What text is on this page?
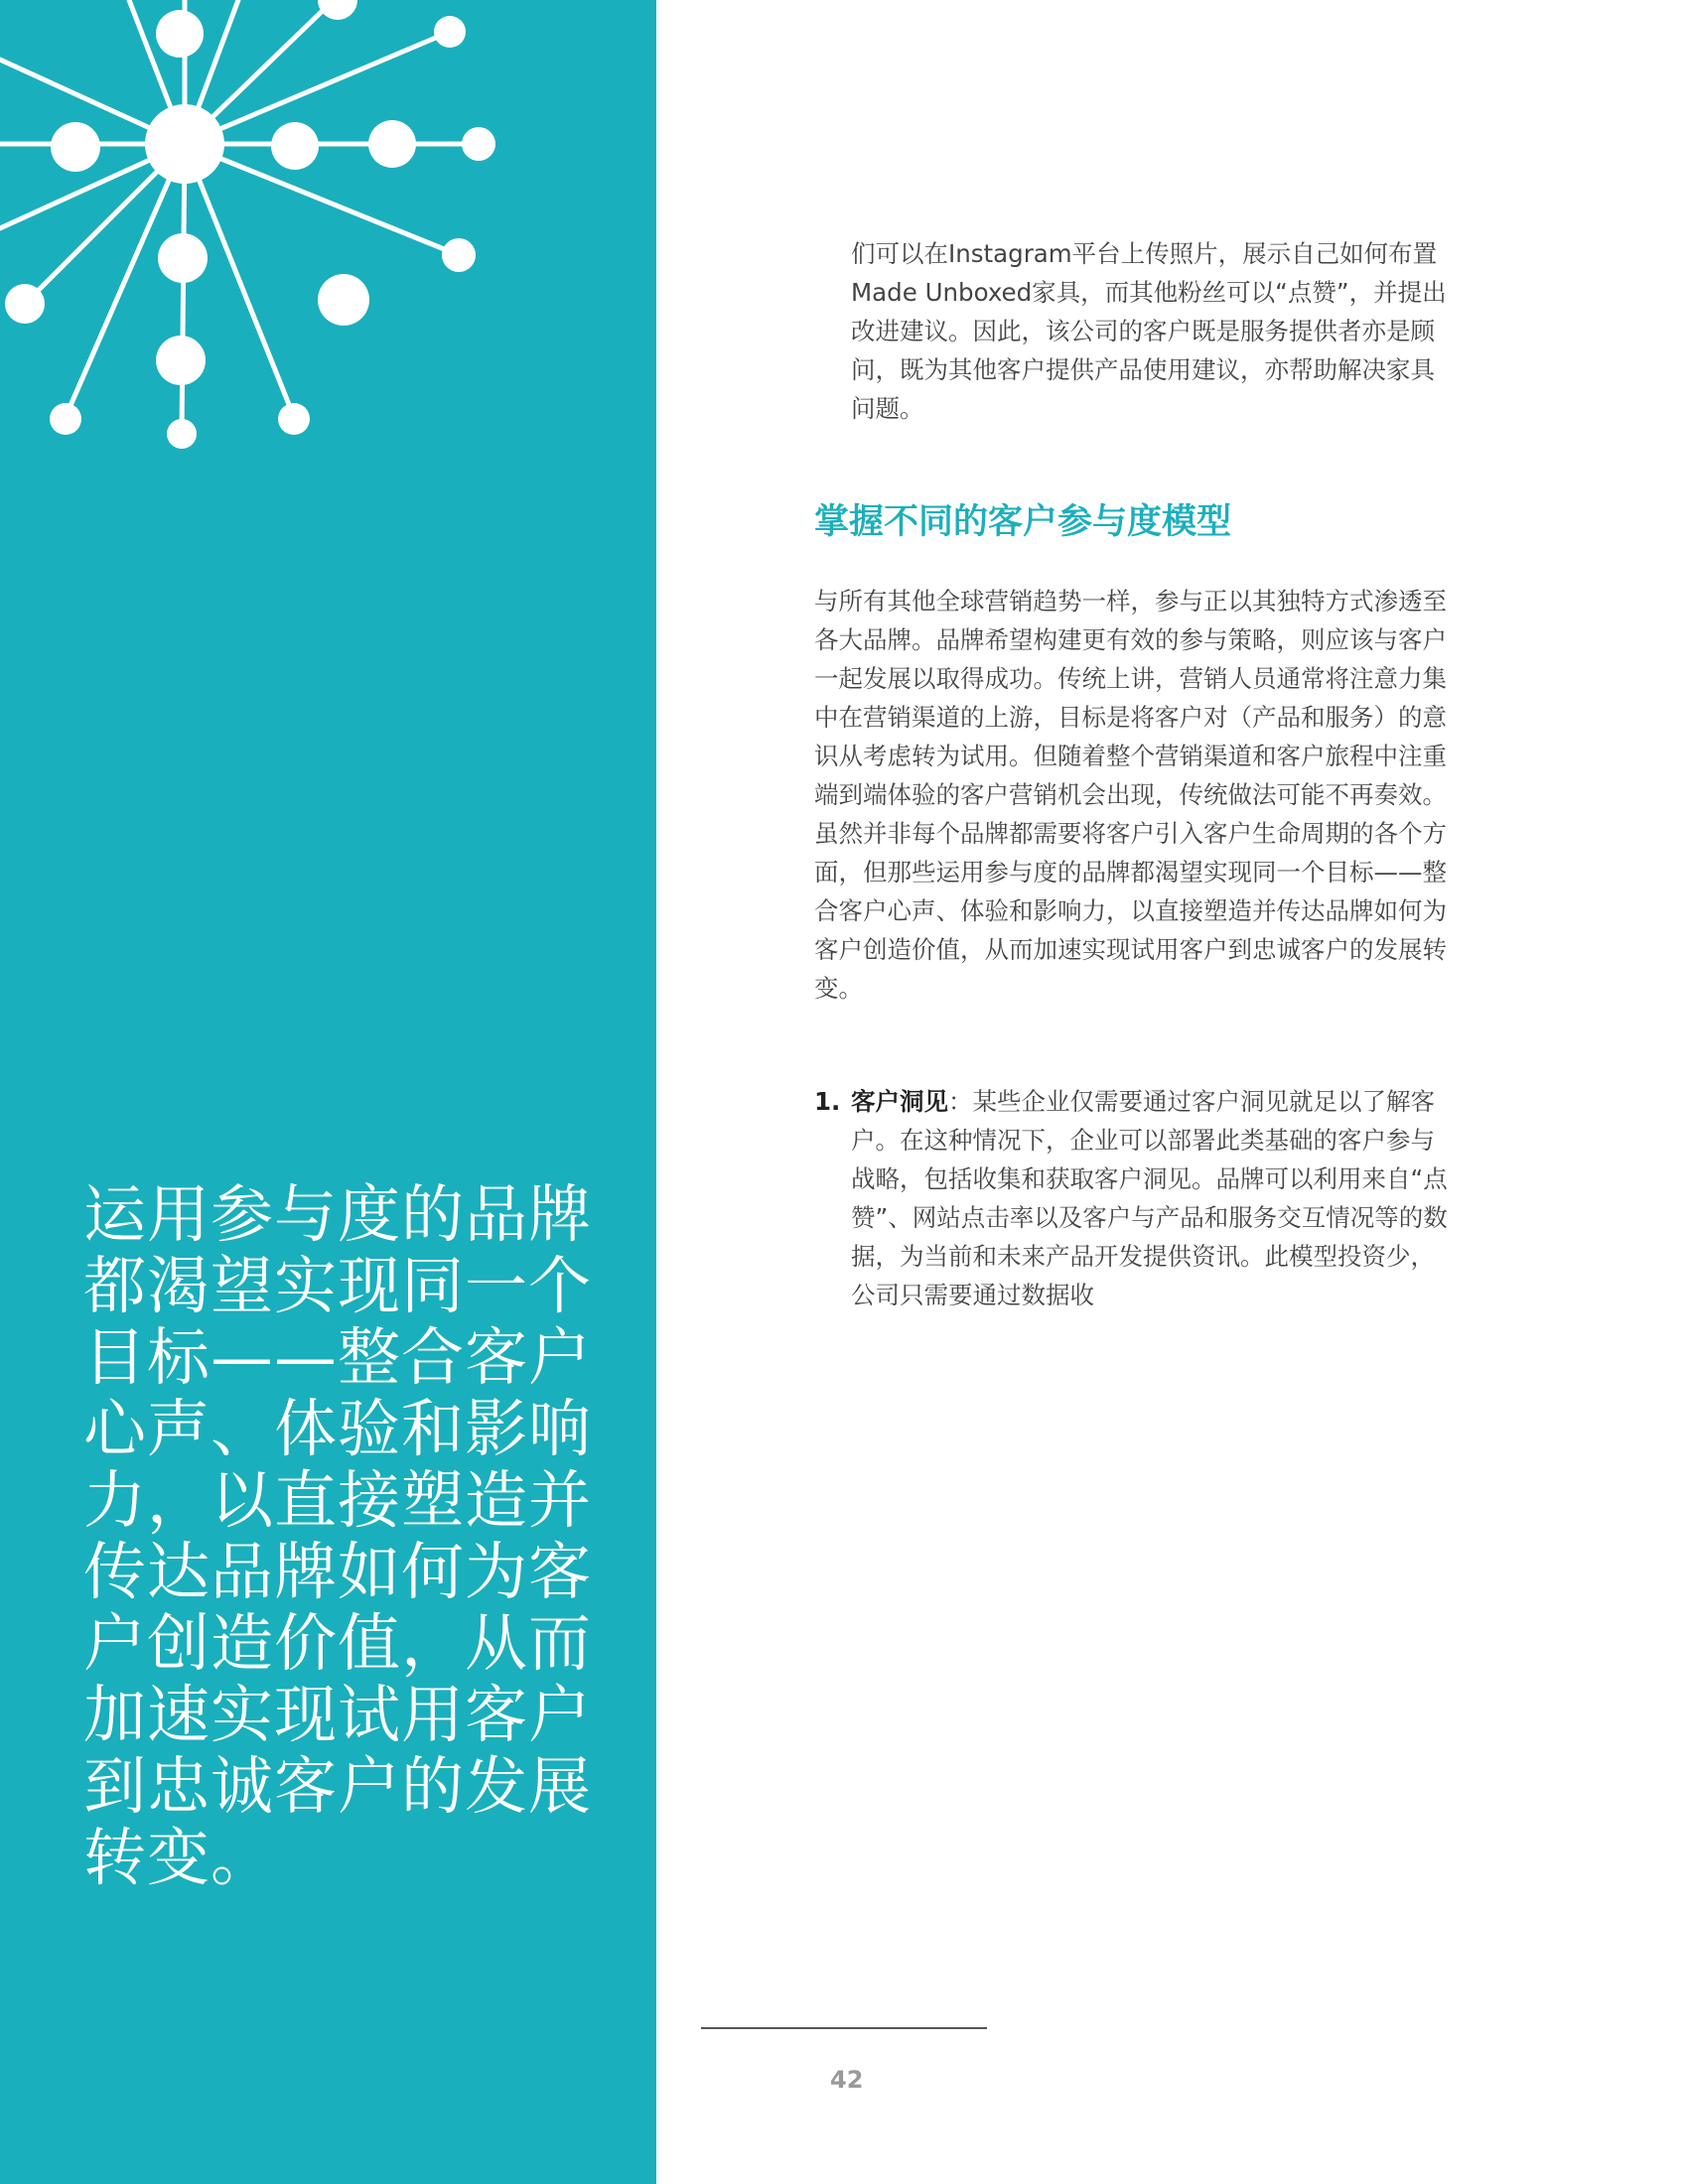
运用参与度的品牌都渴望实现同一个目标——整合客户心声、体验和影响力，以直接塑造并传达品牌如何为客户创造价值，从而加速实现试用客户到忠诚客户的发展转变。

们可以在Instagram平台上传照片，展示自己如何布置Made Unboxed家具，而其他粉丝可以“点赞”，并提出改进建议。因此，该公司的客户既是服务提供者亦是顾问，既为其他客户提供产品使用建议，亦帮助解决家具问题。

掌握不同的客户参与度模型

与所有其他全球营销趋势一样，参与正以其独特方式渗透至各大品牌。品牌希望构建更有效的参与策略，则应该与客户一起发展以取得成功。传统上讲，营销人员通常将注意力集中在营销渠道的上游，目标是将客户对（产品和服务）的意识从考虑转为试用。但随着整个营销渠道和客户旅程中注重端到端体验的客户营销机会出现，传统做法可能不再奏效。虽然并非每个品牌都需要将客户引入客户生命周期的各个方面，但那些运用参与度的品牌都渴望实现同一个目标——整合客户心声、体验和影响力，以直接塑造并传达品牌如何为客户创造价值，从而加速实现试用客户到忠诚客户的发展转变。

1. 客户洞见：某些企业仅需要通过客户洞见就足以了解客户。在这种情况下，企业可以部署此类基础的客户参与战略，包括收集和获取客户洞见。品牌可以利用来自“点赞”、网站点击率以及客户与产品和服务交互情况等的数据，为当前和未来产品开发提供资讯。此模型投资少，公司只需要通过数据收

42
